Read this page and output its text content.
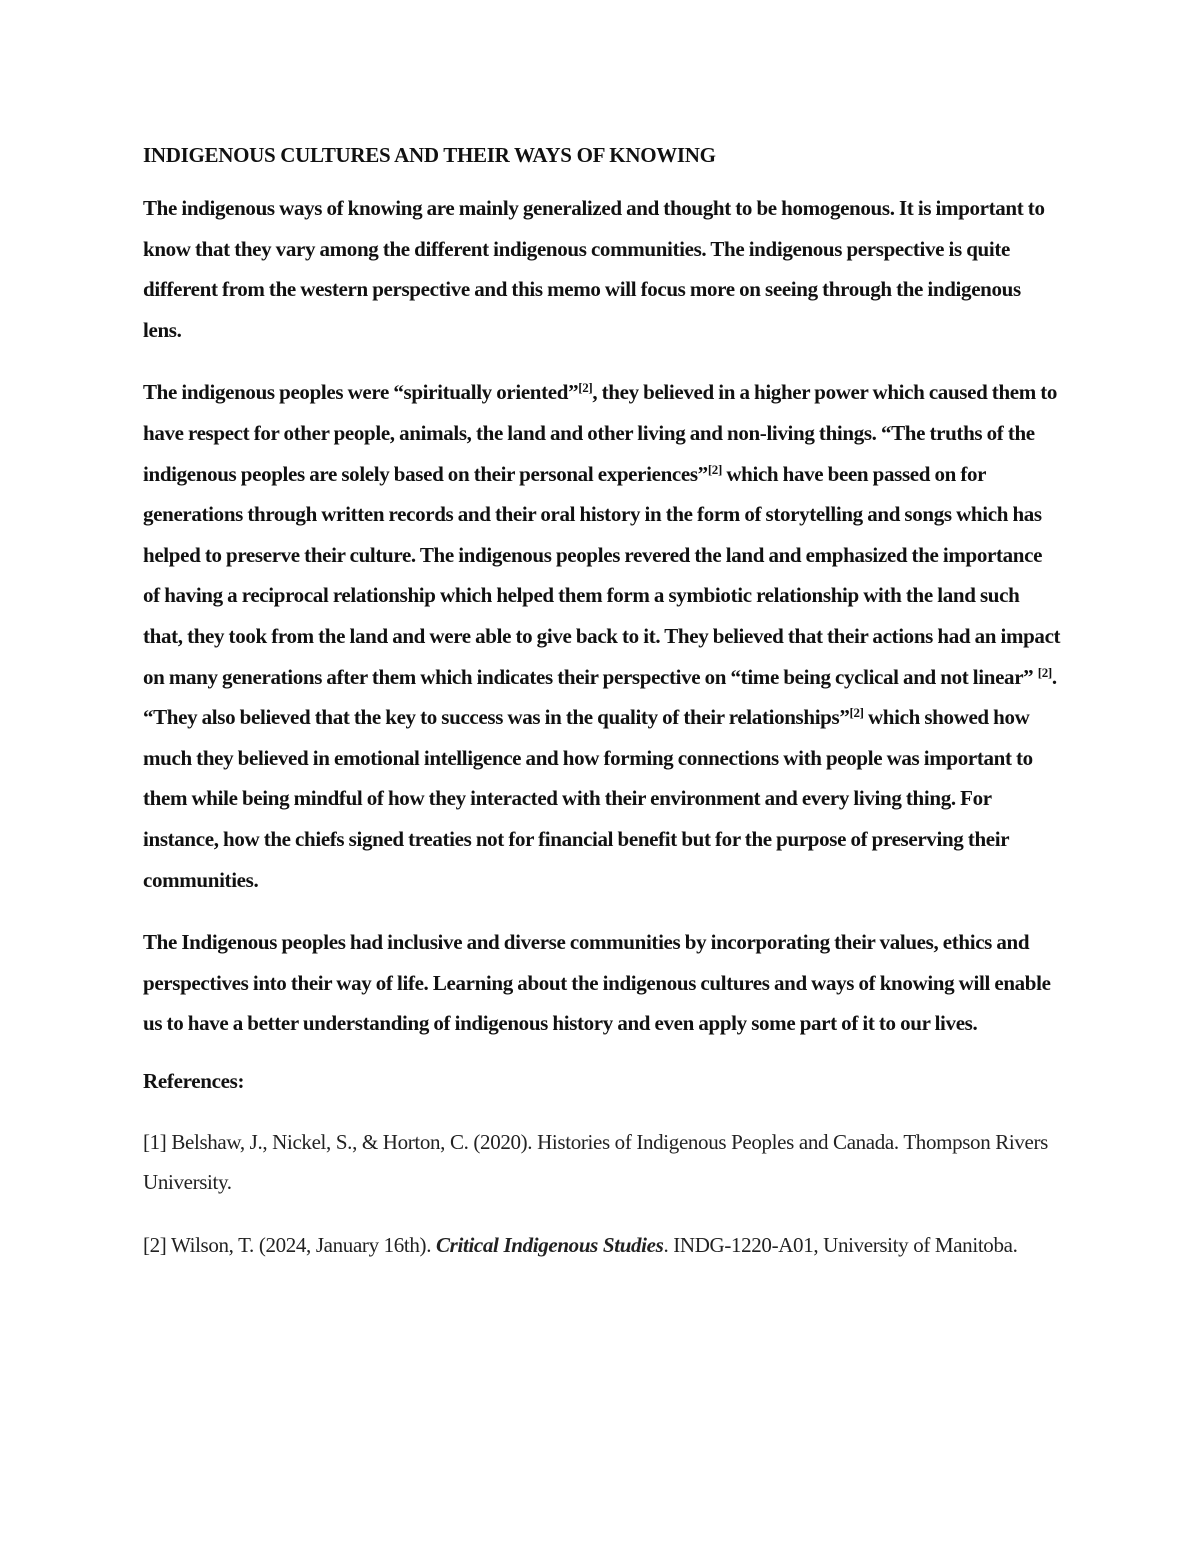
INDIGENOUS CULTURES AND THEIR WAYS OF KNOWING

The indigenous ways of knowing are mainly generalized and thought to be homogenous. It is important to know that they vary among the different indigenous communities. The indigenous perspective is quite different from the western perspective and this memo will focus more on seeing through the indigenous lens.

The indigenous peoples were “spiritually oriented”[2], they believed in a higher power which caused them to have respect for other people, animals, the land and other living and non-living things. “The truths of the indigenous peoples are solely based on their personal experiences”[2] which have been passed on for generations through written records and their oral history in the form of storytelling and songs which has helped to preserve their culture. The indigenous peoples revered the land and emphasized the importance of having a reciprocal relationship which helped them form a symbiotic relationship with the land such that, they took from the land and were able to give back to it. They believed that their actions had an impact on many generations after them which indicates their perspective on “time being cyclical and not linear” [2]. “They also believed that the key to success was in the quality of their relationships”[2] which showed how much they believed in emotional intelligence and how forming connections with people was important to them while being mindful of how they interacted with their environment and every living thing. For instance, how the chiefs signed treaties not for financial benefit but for the purpose of preserving their communities.

The Indigenous peoples had inclusive and diverse communities by incorporating their values, ethics and perspectives into their way of life. Learning about the indigenous cultures and ways of knowing will enable us to have a better understanding of indigenous history and even apply some part of it to our lives.

References:

[1] Belshaw, J., Nickel, S., & Horton, C. (2020). Histories of Indigenous Peoples and Canada. Thompson Rivers University.

[2] Wilson, T. (2024, January 16th). Critical Indigenous Studies. INDG-1220-A01, University of Manitoba.
